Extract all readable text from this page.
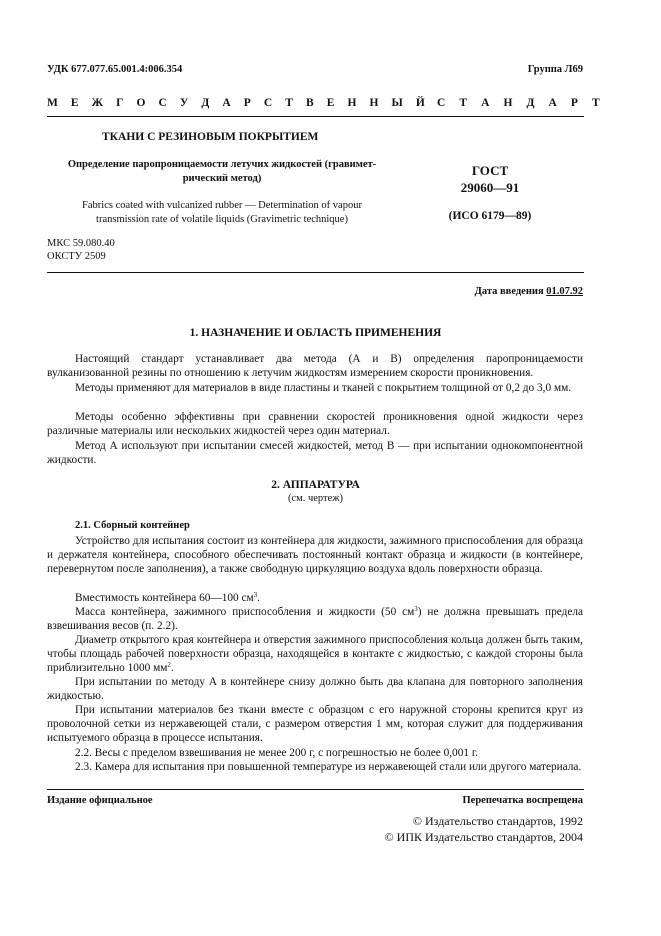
УДК 677.077.65.001.4:006.354	Группа Л69
М Е Ж Г О С У Д А Р С Т В Е Н Н Ы Й С Т А Н Д А Р Т
ТКАНИ С РЕЗИНОВЫМ ПОКРЫТИЕМ
Определение паропроницаемости летучих жидкостей (гравимет-
рический метод)
Fabrics coated with vulcanized rubber — Determination of vapour
transmission rate of volatile liquids (Gravimetric technique)
ГОСТ
29060—91
(ИСО 6179—89)
МКС 59.080.40
ОКСТУ 2509
Дата введения 01.07.92
1. НАЗНАЧЕНИЕ И ОБЛАСТЬ ПРИМЕНЕНИЯ
Настоящий стандарт устанавливает два метода (А и В) определения паропроницаемости вулканизованной резины по отношению к летучим жидкостям измерением скорости проникновения.
Методы применяют для материалов в виде пластины и тканей с покрытием толщиной от 0,2 до 3,0 мм.
Методы особенно эффективны при сравнении скоростей проникновения одной жидкости через различные материалы или нескольких жидкостей через один материал.
Метод А используют при испытании смесей жидкостей, метод В — при испытании однокомпонентной жидкости.
2. АППАРАТУРА
(см. чертеж)
2.1. Сборный контейнер
Устройство для испытания состоит из контейнера для жидкости, зажимного приспособления для образца и держателя контейнера, способного обеспечивать постоянный контакт образца и жидкости (в контейнере, перевернутом после заполнения), а также свободную циркуляцию воздуха вдоль поверхности образца.
Вместимость контейнера 60—100 $см^3$.
Масса контейнера, зажимного приспособления и жидкости (50 $см^3$) не должна превышать предела взвешивания весов (п. 2.2).
Диаметр открытого края контейнера и отверстия зажимного приспособления кольца должен быть таким, чтобы площадь рабочей поверхности образца, находящейся в контакте с жидкостью, с каждой стороны была приблизительно 1000 $мм^2$.
При испытании по методу А в контейнере снизу должно быть два клапана для повторного заполнения жидкостью.
При испытании материалов без ткани вместе с образцом с его наружной стороны крепится круг из проволочной сетки из нержавеющей стали, с размером отверстия 1 мм, которая служит для поддерживания испытуемого образца в процессе испытания.
2.2. Весы с пределом взвешивания не менее 200 г, с погрешностью не более 0,001 г.
2.3. Камера для испытания при повышенной температуре из нержавеющей стали или другого материала.
Издание официальное	Перепечатка воспрещена
© Издательство стандартов, 1992
© ИПК Издательство стандартов, 2004
